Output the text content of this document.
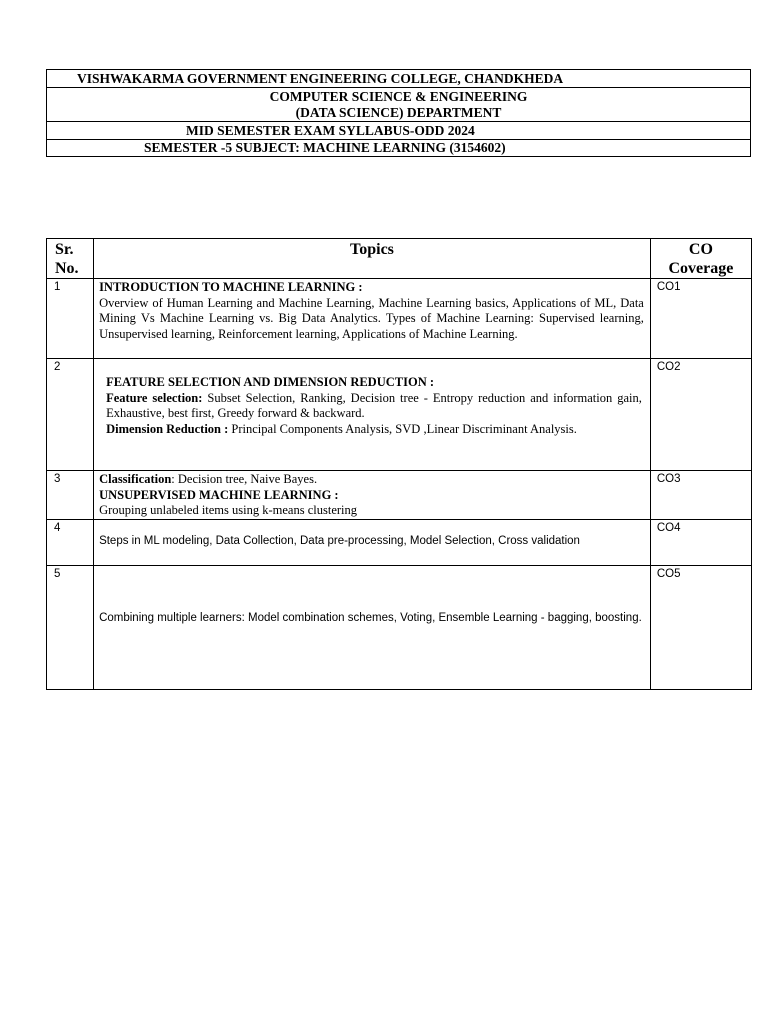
VISHWAKARMA GOVERNMENT ENGINEERING COLLEGE, CHANDKHEDA

COMPUTER SCIENCE & ENGINEERING
(DATA SCIENCE) DEPARTMENT

MID SEMESTER EXAM SYLLABUS-ODD 2024
SEMESTER -5 SUBJECT: MACHINE LEARNING (3154602)
Sr.
No.	Topics	CO
Coverage
1	INTRODUCTION TO MACHINE LEARNING :
Overview of Human Learning and Machine Learning, Machine Learning basics, Applications of ML, Data Mining Vs Machine Learning vs. Big Data Analytics. Types of Machine Learning: Supervised learning, Unsupervised learning, Reinforcement learning, Applications of Machine Learning.	CO1
2	FEATURE SELECTION AND DIMENSION REDUCTION :
Feature selection: Subset Selection, Ranking, Decision tree - Entropy reduction and information gain, Exhaustive, best first, Greedy forward & backward.
Dimension Reduction : Principal Components Analysis, SVD ,Linear Discriminant Analysis.	CO2
3	Classification: Decision tree, Naive Bayes.
UNSUPERVISED MACHINE LEARNING :
Grouping unlabeled items using k-means clustering	CO3
4	Steps in ML modeling, Data Collection, Data pre-processing, Model Selection, Cross validation	CO4
5	Combining multiple learners: Model combination schemes, Voting, Ensemble Learning - bagging, boosting.	CO5
